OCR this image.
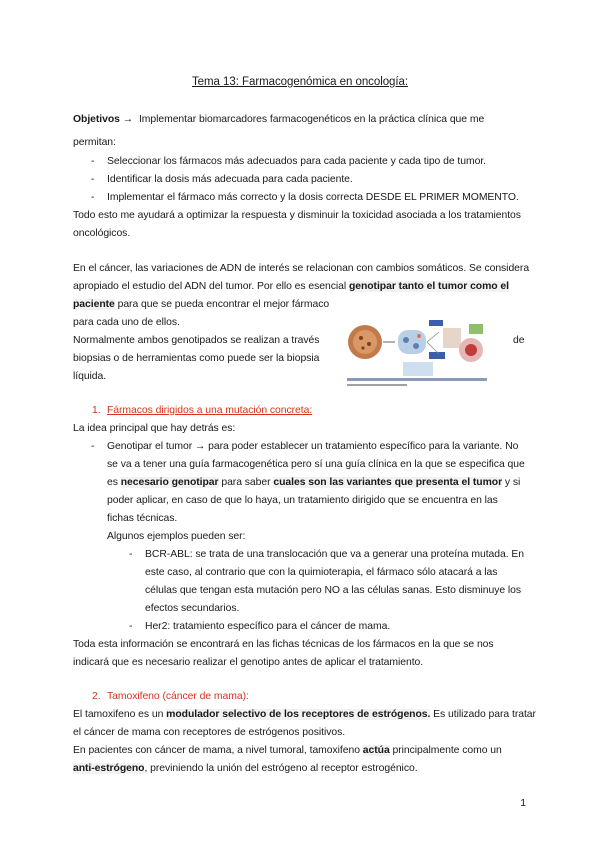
Tema 13: Farmacogenómica en oncología:
Objetivos → Implementar biomarcadores farmacogenéticos en la práctica clínica que me
permitan:
- Seleccionar los fármacos más adecuados para cada paciente y cada tipo de tumor.
- Identificar la dosis más adecuada para cada paciente.
- Implementar el fármaco más correcto y la dosis correcta DESDE EL PRIMER MOMENTO.
Todo esto me ayudará a optimizar la respuesta y disminuir la toxicidad asociada a los tratamientos
oncológicos.
En el cáncer, las variaciones de ADN de interés se relacionan con cambios somáticos. Se considera
apropiado el estudio del ADN del tumor. Por ello es esencial genotipar tanto el tumor como el
paciente para que se pueda encontrar el mejor fármaco
para cada uno de ellos.
Normalmente ambos genotipados se realizan a través	de
biopsias o de herramientas como puede ser la biopsia
líquida.
1. Fármacos dirigidos a una mutación concreta:
La idea principal que hay detrás es:
- Genotipar el tumor → para poder establecer un tratamiento específico para la variante. No
se va a tener una guía farmacogenética pero sí una guía clínica en la que se especifica que
es necesario genotipar para saber cuales son las variantes que presenta el tumor y si
poder aplicar, en caso de que lo haya, un tratamiento dirigido que se encuentra en las
fichas técnicas.
Algunos ejemplos pueden ser:
- BCR-ABL: se trata de una translocación que va a generar una proteína mutada. En
este caso, al contrario que con la quimioterapia, el fármaco sólo atacará a las
células que tengan esta mutación pero NO a las células sanas. Esto disminuye los
efectos secundarios.
- Her2: tratamiento específico para el cáncer de mama.
Toda esta información se encontrará en las fichas técnicas de los fármacos en la que se nos
indicará que es necesario realizar el genotipo antes de aplicar el tratamiento.
2. Tamoxifeno (cáncer de mama):
El tamoxifeno es un modulador selectivo de los receptores de estrógenos. Es utilizado para tratar
el cáncer de mama con receptores de estrógenos positivos.
En pacientes con cáncer de mama, a nivel tumoral, tamoxifeno actúa principalmente como un
anti-estrógeno, previniendo la unión del estrógeno al receptor estrogénico.
1
